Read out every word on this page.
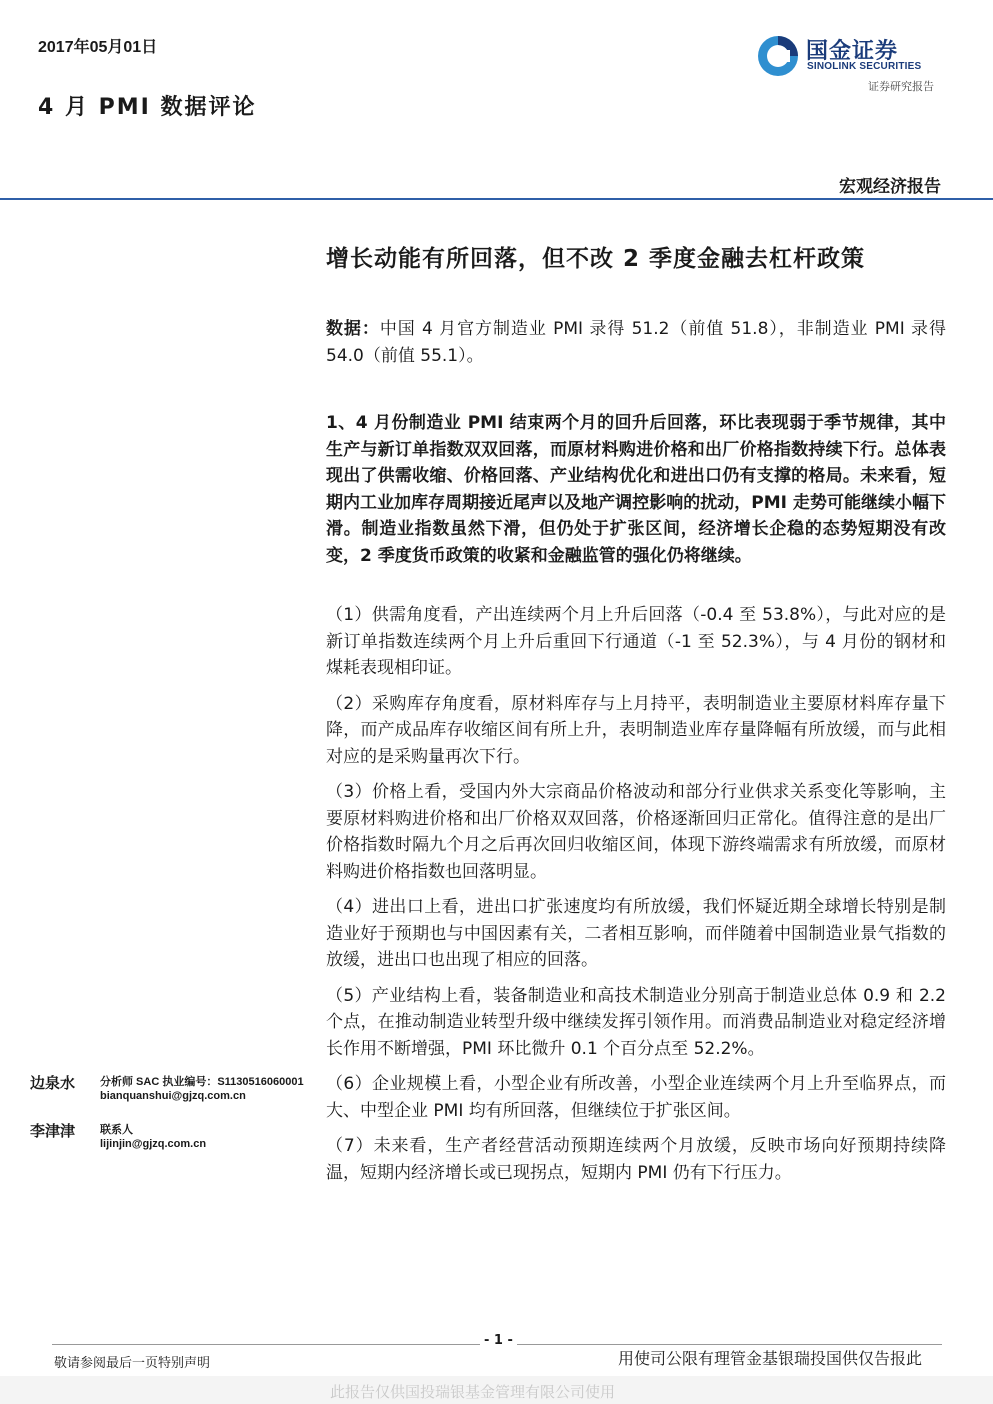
2017年05月01日
4 月 PMI 数据评论
国金证券
SINOLINK SECURITIES
证券研究报告
宏观经济报告
增长动能有所回落，但不改 2 季度金融去杠杆政策
数据：中国 4 月官方制造业 PMI 录得 51.2（前值 51.8），非制造业 PMI 录得 54.0（前值 55.1）。
1、4 月份制造业 PMI 结束两个月的回升后回落，环比表现弱于季节规律，其中生产与新订单指数双双回落，而原材料购进价格和出厂价格指数持续下行。总体表现出了供需收缩、价格回落、产业结构优化和进出口仍有支撑的格局。未来看，短期内工业加库存周期接近尾声以及地产调控影响的扰动，PMI 走势可能继续小幅下滑。制造业指数虽然下滑，但仍处于扩张区间，经济增长企稳的态势短期没有改变，2 季度货币政策的收紧和金融监管的强化仍将继续。

（1）供需角度看，产出连续两个月上升后回落（-0.4 至 53.8%），与此对应的是新订单指数连续两个月上升后重回下行通道（-1 至 52.3%），与 4 月份的钢材和煤耗表现相印证。

（2）采购库存角度看，原材料库存与上月持平，表明制造业主要原材料库存量下降，而产成品库存收缩区间有所上升，表明制造业库存量降幅有所放缓，而与此相对应的是采购量再次下行。

（3）价格上看，受国内外大宗商品价格波动和部分行业供求关系变化等影响，主要原材料购进价格和出厂价格双双回落，价格逐渐回归正常化。值得注意的是出厂价格指数时隔九个月之后再次回归收缩区间，体现下游终端需求有所放缓，而原材料购进价格指数也回落明显。

（4）进出口上看，进出口扩张速度均有所放缓，我们怀疑近期全球增长特别是制造业好于预期也与中国因素有关，二者相互影响，而伴随着中国制造业景气指数的放缓，进出口也出现了相应的回落。

（5）产业结构上看，装备制造业和高技术制造业分别高于制造业总体 0.9 和 2.2 个点，在推动制造业转型升级中继续发挥引领作用。而消费品制造业对稳定经济增长作用不断增强，PMI 环比微升 0.1 个百分点至 52.2%。

（6）企业规模上看，小型企业有所改善，小型企业连续两个月上升至临界点，而大、中型企业 PMI 均有所回落，但继续位于扩张区间。

（7）未来看，生产者经营活动预期连续两个月放缓，反映市场向好预期持续降温，短期内经济增长或已现拐点，短期内 PMI 仍有下行压力。

边泉水	分析师 SAC 执业编号：S1130516060001
bianquanshui@gjzq.com.cn
李津津	联系人
lijinjin@gjzq.com.cn
- 1 -
敬请参阅最后一页特别声明	用使司公限有理管金基银瑞投国供仅告报此
此报告仅供国投瑞银基金管理有限公司使用
